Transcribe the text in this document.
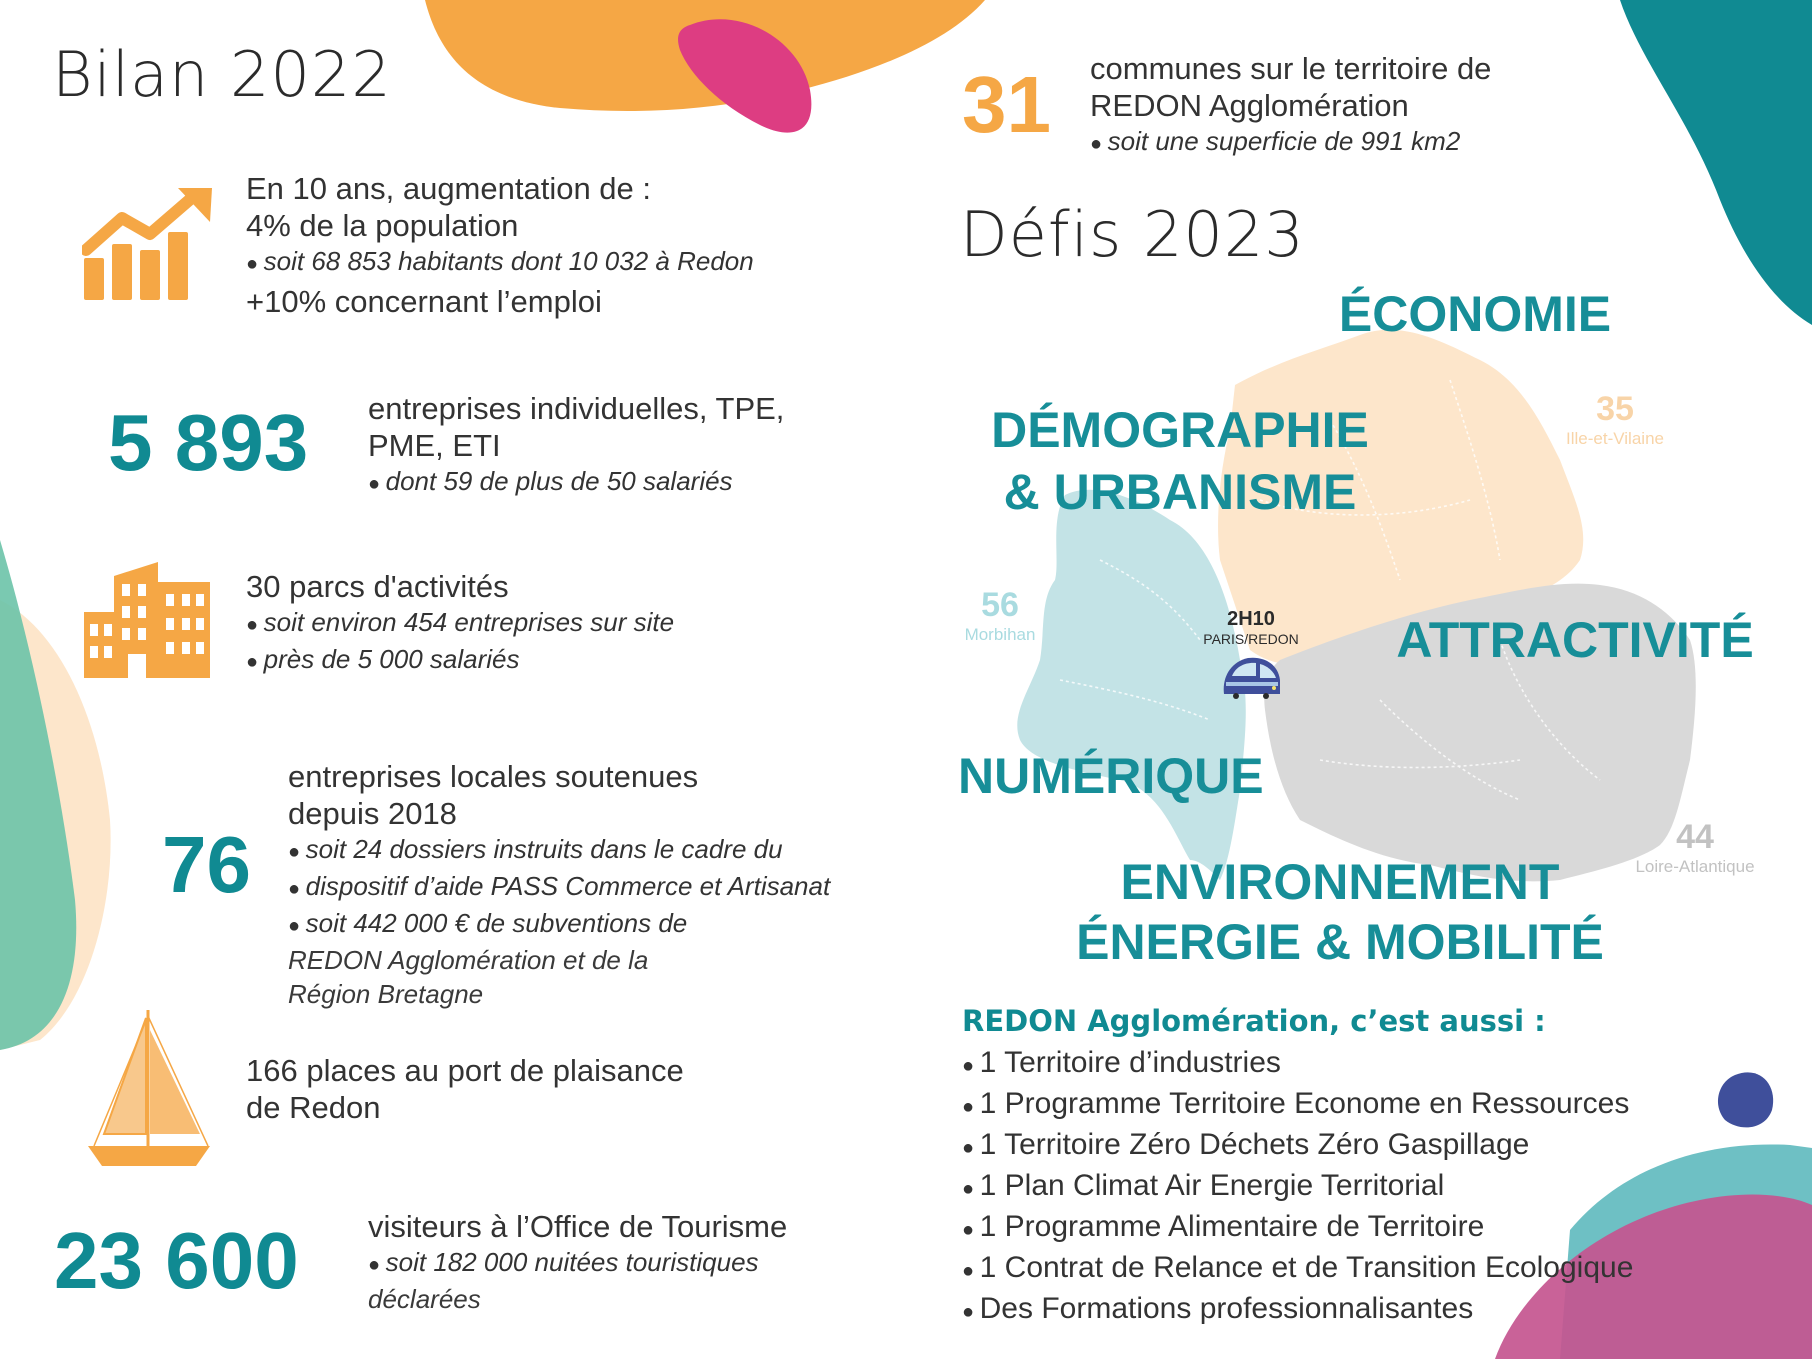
Bilan 2022
En 10 ans, augmentation de :
4% de la population
● soit 68 853 habitants dont 10 032 à Redon
+10% concernant l’emploi
5 893 entreprises individuelles, TPE,
PME, ETI
● dont 59 de plus de 50 salariés
30 parcs d'activités
● soit environ 454 entreprises sur site
● près de 5 000 salariés
76
entreprises locales soutenues
depuis 2018
● soit 24 dossiers instruits dans le cadre du
● dispositif d’aide PASS Commerce et Artisanat
● soit 442 000 € de subventions de
REDON Agglomération et de la
Région Bretagne
166 places au port de plaisance
de Redon
23 600 visiteurs à l’Office de Tourisme
● soit 182 000 nuitées touristiques
déclarées
31 communes sur le territoire de
REDON Agglomération
● soit une superficie de 991 km2
Défis 2023
35
Ille-et-Vilaine
56
Morbihan
44
Loire-Atlantique
2H10
PARIS/REDON
ÉCONOMIE
DÉMOGRAPHIE
& URBANISME
ATTRACTIVITÉ
NUMÉRIQUE
ENVIRONNEMENT
ÉNERGIE & MOBILITÉ
REDON Agglomération, c’est aussi :
● 1 Territoire d’industries
● 1 Programme Territoire Econome en Ressources
● 1 Territoire Zéro Déchets Zéro Gaspillage
● 1 Plan Climat Air Energie Territorial
● 1 Programme Alimentaire de Territoire
● 1 Contrat de Relance et de Transition Ecologique
● Des Formations professionnalisantes
